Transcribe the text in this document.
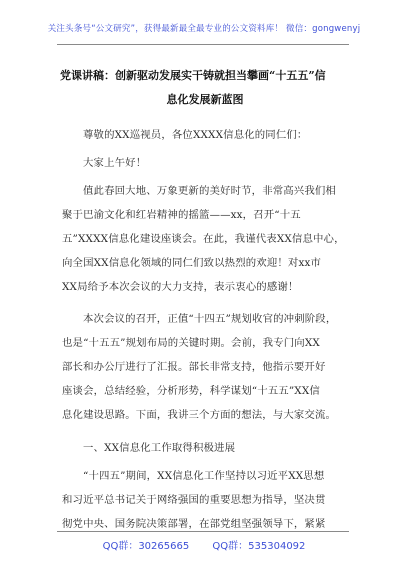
关注头条号“公文研究”，获得最新最全最专业的公文资料库！ 微信：gongwenyj
党课讲稿：创新驱动发展实干铸就担当攀画“十五五”信
息化发展新蓝图
尊敬的XX巡视员，各位XXXX信息化的同仁们：
大家上午好！
值此春回大地、万象更新的美好时节，非常高兴我们相
聚于巴渝文化和红岩精神的摇篮——xx，召开“十五
五”XXXX信息化建设座谈会。在此，我谨代表XX信息中心，
向全国XX信息化领域的同仁们致以热烈的欢迎！对xx市
XX局给予本次会议的大力支持，表示衷心的感谢！
本次会议的召开，正值“十四五”规划收官的冲刺阶段，
也是“十五五”规划布局的关键时期。会前，我专门向XX
部长和办公厅进行了汇报。部长非常支持，他指示要开好
座谈会，总结经验，分析形势，科学谋划“十五五”XX信
息化建设思路。下面，我讲三个方面的想法，与大家交流。
一、XX信息化工作取得积极进展
“十四五”期间，XX信息化工作坚持以习近平XX思想
和习近平总书记关于网络强国的重要思想为指导，坚决贯
彻党中央、国务院决策部署，在部党组坚强领导下，紧紧
QQ群：30265665 QQ群：535304092
